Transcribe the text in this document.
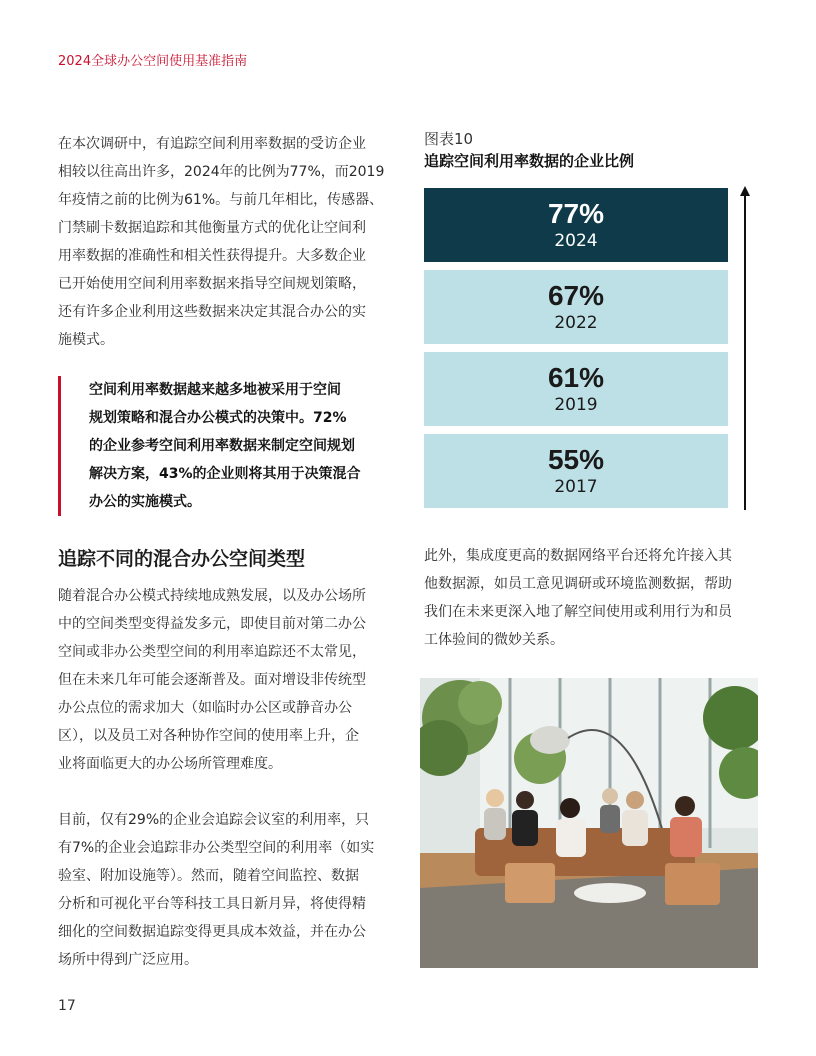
2024全球办公空间使用基准指南

在本次调研中，有追踪空间利用率数据的受访企业
相较以往高出许多，2024年的比例为77%，而2019
年疫情之前的比例为61%。与前几年相比，传感器、
门禁刷卡数据追踪和其他衡量方式的优化让空间利
用率数据的准确性和相关性获得提升。大多数企业
已开始使用空间利用率数据来指导空间规划策略，
还有许多企业利用这些数据来决定其混合办公的实
施模式。

空间利用率数据越来越多地被采用于空间
规划策略和混合办公模式的决策中。72%
的企业参考空间利用率数据来制定空间规划
解决方案，43%的企业则将其用于决策混合
办公的实施模式。
追踪不同的混合办公空间类型

随着混合办公模式持续地成熟发展，以及办公场所
中的空间类型变得益发多元，即使目前对第二办公
空间或非办公类型空间的利用率追踪还不太常见，
但在未来几年可能会逐渐普及。面对增设非传统型
办公点位的需求加大（如临时办公区或静音办公
区），以及员工对各种协作空间的使用率上升，企
业将面临更大的办公场所管理难度。

目前，仅有29%的企业会追踪会议室的利用率，只
有7%的企业会追踪非办公类型空间的利用率（如实
验室、附加设施等）。然而，随着空间监控、数据
分析和可视化平台等科技工具日新月异，将使得精
细化的空间数据追踪变得更具成本效益，并在办公
场所中得到广泛应用。

图表10
追踪空间利用率数据的企业比例
77%
2024
67%
2022
61%
2019
55%
2017

此外，集成度更高的数据网络平台还将允许接入其
他数据源，如员工意见调研或环境监测数据，帮助
我们在未来更深入地了解空间使用或利用行为和员
工体验间的微妙关系。

17
